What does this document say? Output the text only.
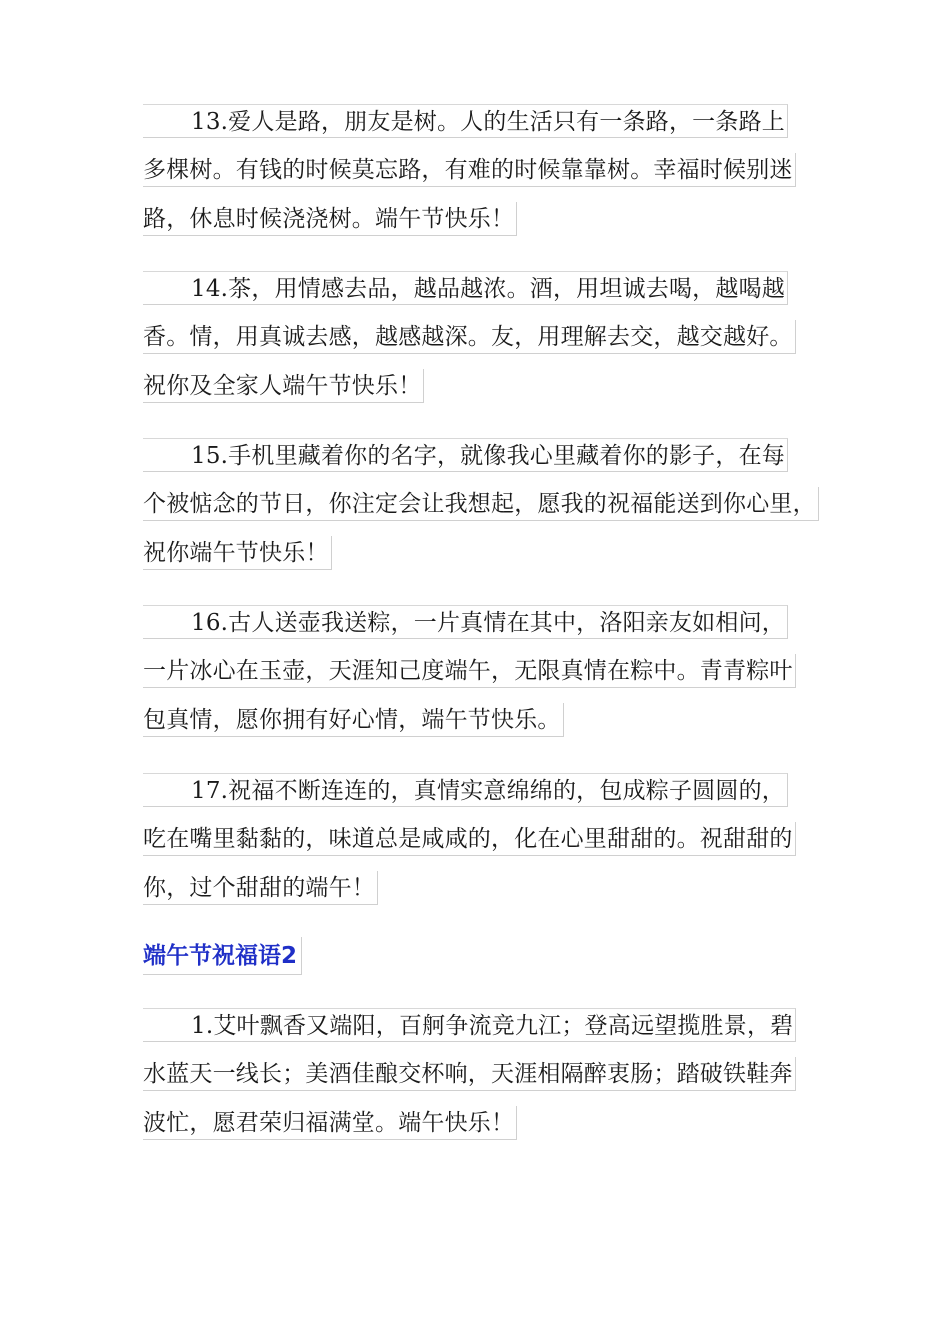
13.爱人是路，朋友是树。人的生活只有一条路，一条路上
多棵树。有钱的时候莫忘路，有难的时候靠靠树。幸福时候别迷
路，休息时候浇浇树。端午节快乐！
14.茶，用情感去品，越品越浓。酒，用坦诚去喝，越喝越
香。情，用真诚去感，越感越深。友，用理解去交，越交越好。
祝你及全家人端午节快乐！
15.手机里藏着你的名字，就像我心里藏着你的影子，在每
个被惦念的节日，你注定会让我想起，愿我的祝福能送到你心里，
祝你端午节快乐！
16.古人送壶我送粽，一片真情在其中，洛阳亲友如相问，
一片冰心在玉壶，天涯知己度端午，无限真情在粽中。青青粽叶
包真情，愿你拥有好心情，端午节快乐。
17.祝福不断连连的，真情实意绵绵的，包成粽子圆圆的，
吃在嘴里黏黏的，味道总是咸咸的，化在心里甜甜的。祝甜甜的
你，过个甜甜的端午！
端午节祝福语2
1.艾叶飘香又端阳，百舸争流竞九江；登高远望揽胜景，碧
水蓝天一线长；美酒佳酿交杯响，天涯相隔醉衷肠；踏破铁鞋奔
波忙，愿君荣归福满堂。端午快乐！
